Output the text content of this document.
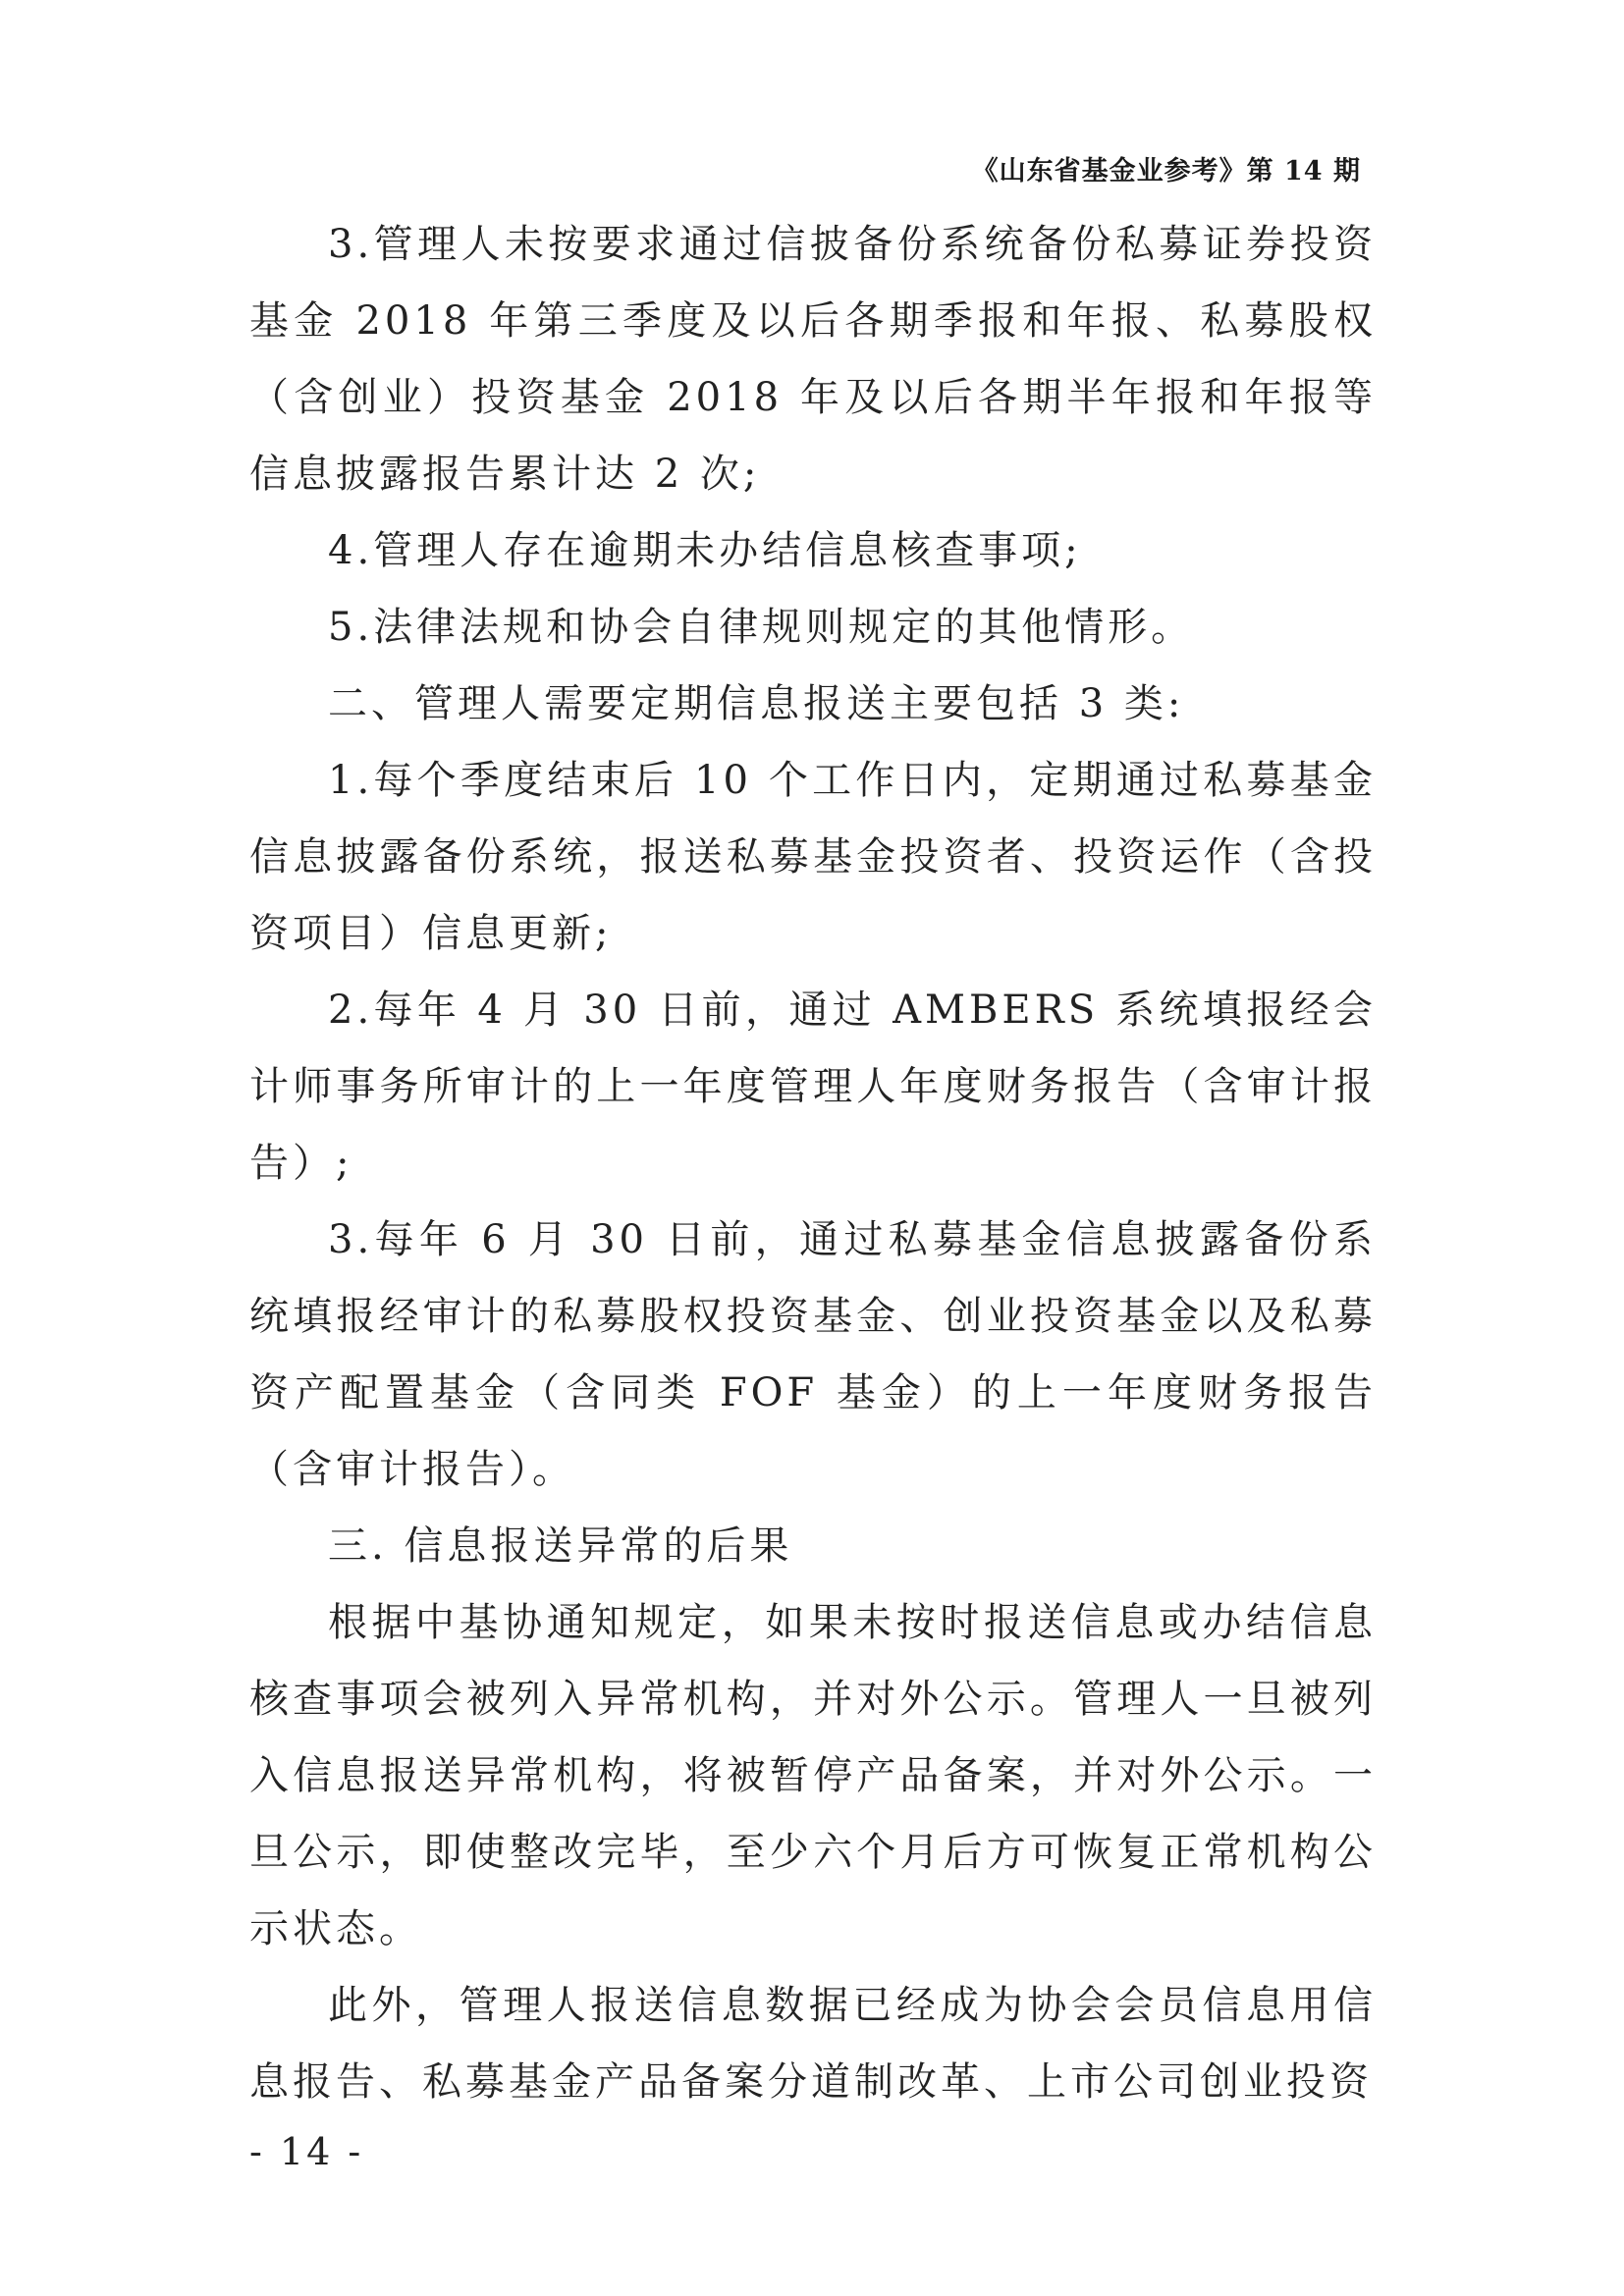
《山东省基金业参考》第 14 期

3.管理人未按要求通过信披备份系统备份私募证券投资基金 2018 年第三季度及以后各期季报和年报、私募股权（含创业）投资基金 2018 年及以后各期半年报和年报等信息披露报告累计达 2 次;

4.管理人存在逾期未办结信息核查事项;

5.法律法规和协会自律规则规定的其他情形。

二、管理人需要定期信息报送主要包括 3 类:

1.每个季度结束后 10 个工作日内，定期通过私募基金信息披露备份系统，报送私募基金投资者、投资运作（含投资项目）信息更新;

2.每年 4 月 30 日前，通过 AMBERS 系统填报经会计师事务所审计的上一年度管理人年度财务报告（含审计报告）;

3.每年 6 月 30 日前，通过私募基金信息披露备份系统填报经审计的私募股权投资基金、创业投资基金以及私募资产配置基金（含同类 FOF 基金）的上一年度财务报告（含审计报告）。

三. 信息报送异常的后果

根据中基协通知规定，如果未按时报送信息或办结信息核查事项会被列入异常机构，并对外公示。管理人一旦被列入信息报送异常机构，将被暂停产品备案，并对外公示。一旦公示，即使整改完毕，至少六个月后方可恢复正常机构公示状态。

此外，管理人报送信息数据已经成为协会会员信息用信息报告、私募基金产品备案分道制改革、上市公司创业投资

- 14 -
